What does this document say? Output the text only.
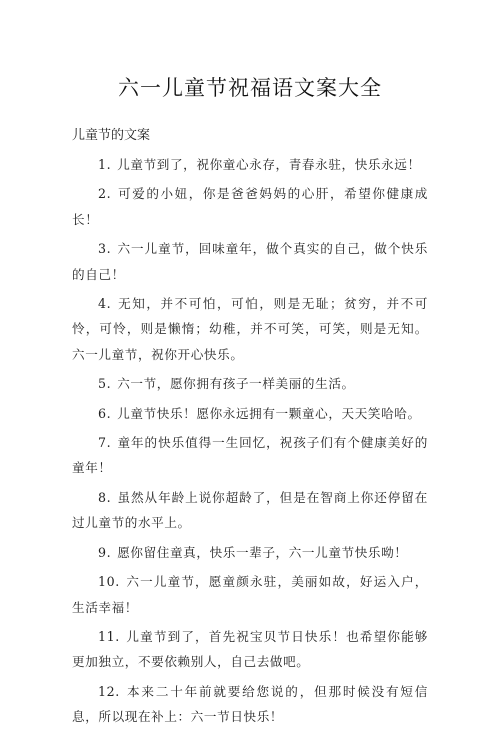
六一儿童节祝福语文案大全
儿童节的文案

1. 儿童节到了，祝你童心永存，青春永驻，快乐永远！

2. 可爱的小妞，你是爸爸妈妈的心肝，希望你健康成长！

3. 六一儿童节，回味童年，做个真实的自己，做个快乐的自己！

4. 无知，并不可怕，可怕，则是无耻；贫穷，并不可怜，可怜，则是懒惰；幼稚，并不可笑，可笑，则是无知。六一儿童节，祝你开心快乐。

5. 六一节，愿你拥有孩子一样美丽的生活。

6. 儿童节快乐！愿你永远拥有一颗童心，天天笑哈哈。

7. 童年的快乐值得一生回忆，祝孩子们有个健康美好的童年！

8. 虽然从年龄上说你超龄了，但是在智商上你还停留在过儿童节的水平上。

9. 愿你留住童真，快乐一辈子，六一儿童节快乐呦！

10. 六一儿童节，愿童颜永驻，美丽如故，好运入户，生活幸福！

11. 儿童节到了，首先祝宝贝节日快乐！也希望你能够更加独立，不要依赖别人，自己去做吧。

12. 本来二十年前就要给您说的，但那时候没有短信息，所以现在补上：六一节日快乐！
